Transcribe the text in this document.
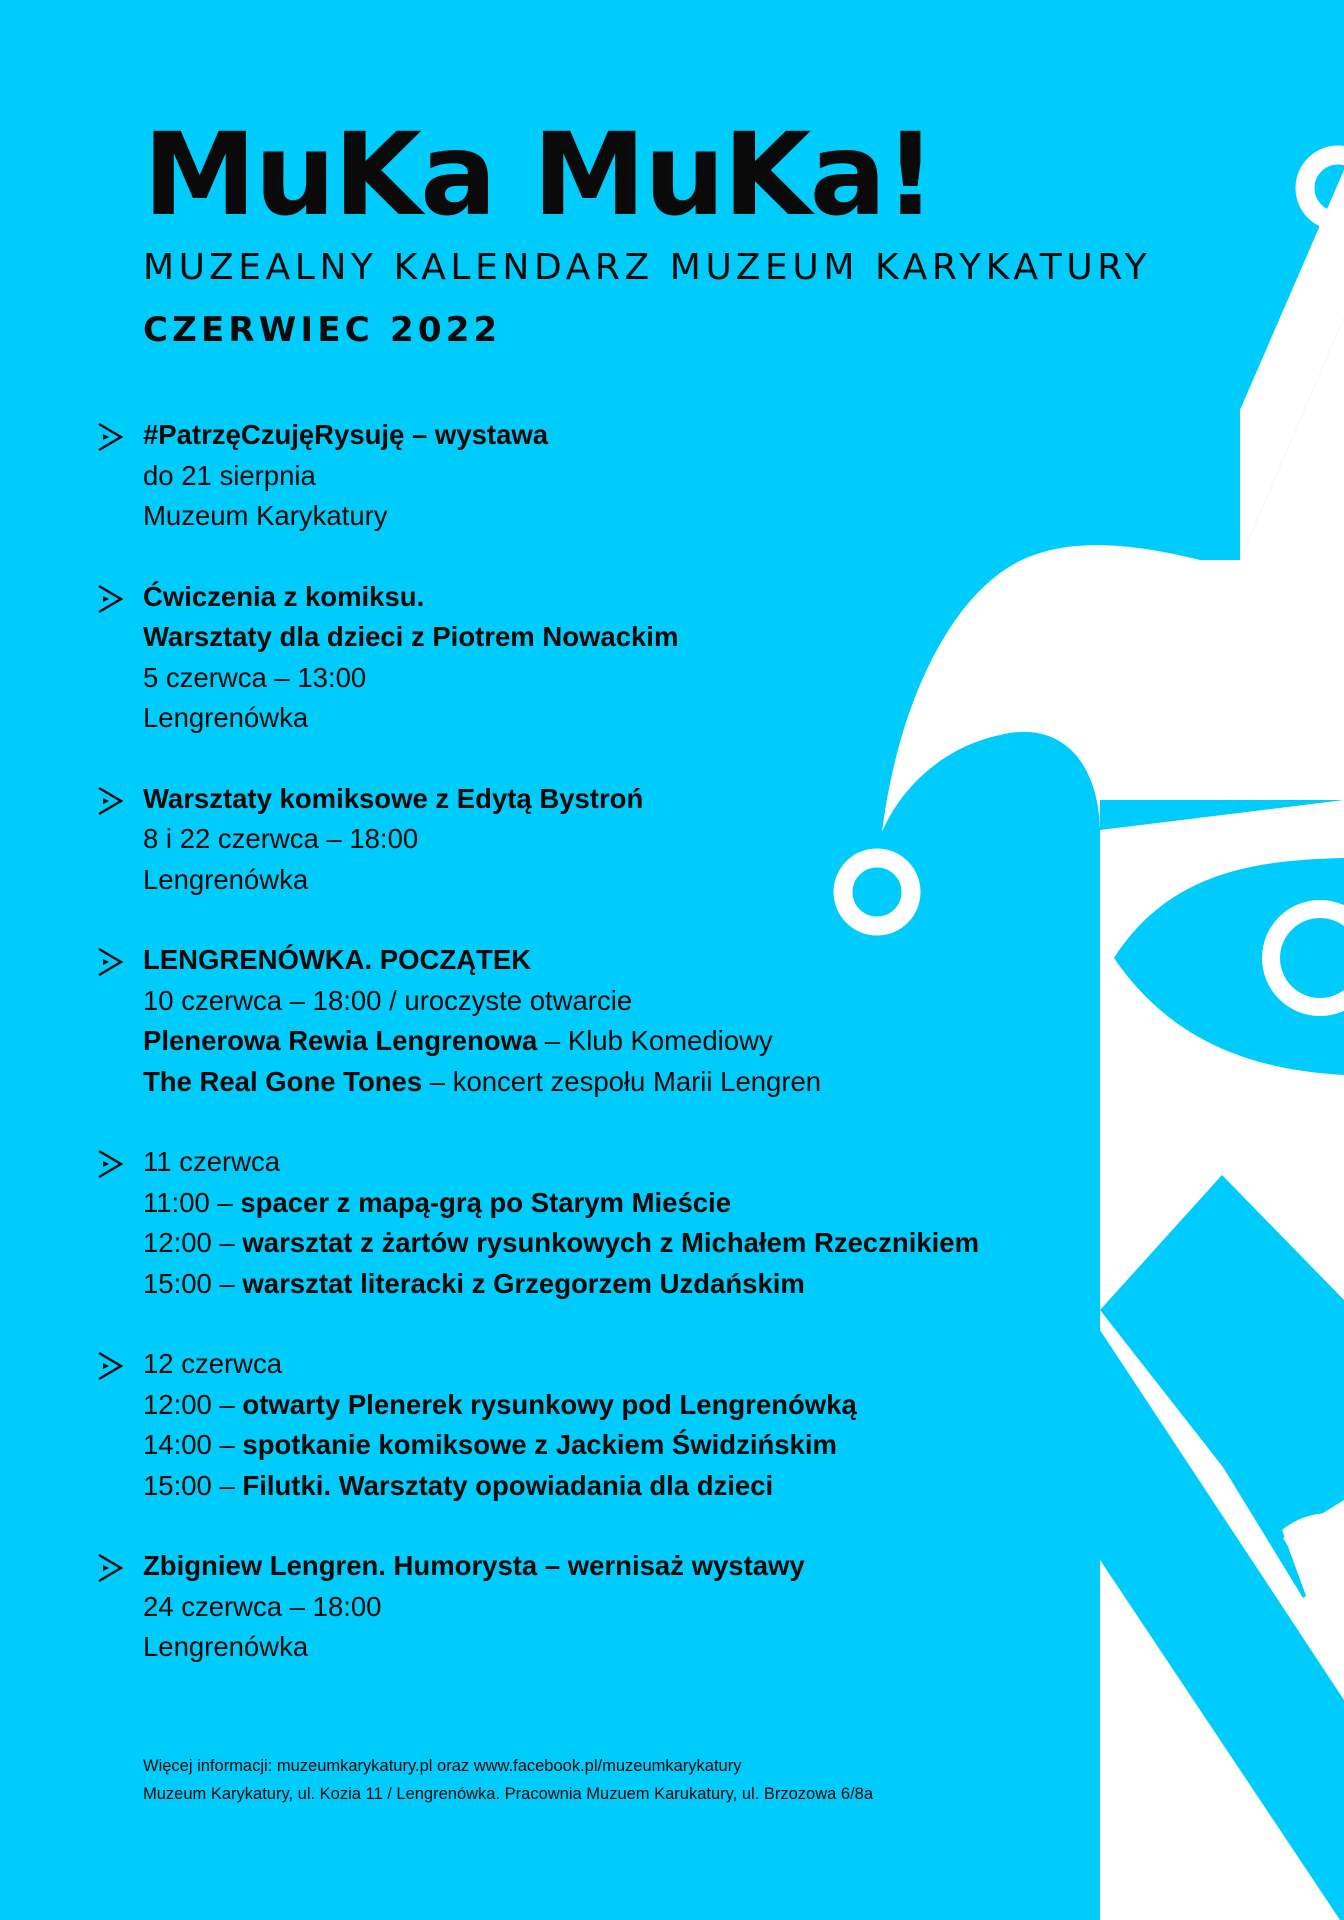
MuKa MuKa!
MUZEALNY KALENDARZ MUZEUM KARYKATURY
CZERWIEC 2022
#PatrzęCzujęRysuję – wystawa
do 21 sierpnia
Muzeum Karykatury
Ćwiczenia z komiksu.
Warsztaty dla dzieci z Piotrem Nowackim
5 czerwca – 13:00
Lengrenówka
Warsztaty komiksowe z Edytą Bystroń
8 i 22 czerwca – 18:00
Lengrenówka
LENGRENÓWKA. POCZĄTEK
10 czerwca – 18:00 / uroczyste otwarcie
Plenerowa Rewia Lengrenowa – Klub Komediowy
The Real Gone Tones – koncert zespołu Marii Lengren
11 czerwca
11:00 – spacer z mapą-grą po Starym Mieście
12:00 – warsztat z żartów rysunkowych z Michałem Rzecznikiem
15:00 – warsztat literacki z Grzegorzem Uzdańskim
12 czerwca
12:00 – otwarty Plenerek rysunkowy pod Lengrenówką
14:00 – spotkanie komiksowe z Jackiem Świdzińskim
15:00 – Filutki. Warsztaty opowiadania dla dzieci
Zbigniew Lengren. Humorysta – wernisaż wystawy
24 czerwca – 18:00
Lengrenówka
Więcej informacji: muzeumkarykatury.pl oraz www.facebook.pl/muzeumkarykatury
Muzeum Karykatury, ul. Kozia 11 / Lengrenówka. Pracownia Muzuem Karukatury, ul. Brzozowa 6/8a
